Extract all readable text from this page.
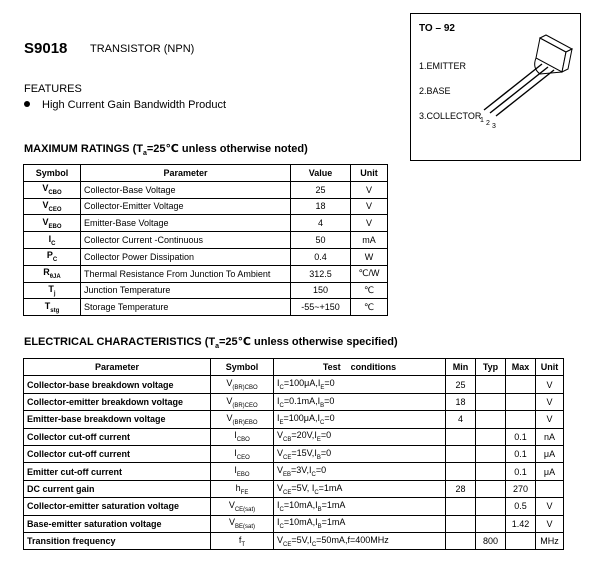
S9018 TRANSISTOR (NPN)
FEATURES
High Current Gain Bandwidth Product
TO – 92
1.EMITTER
2.BASE
3.COLLECTOR
1 2 3
MAXIMUM RATINGS ($T_a=25℃$ unless otherwise noted)
Symbol	Parameter	Value	Unit
$V_{CBO}$	Collector-Base Voltage	25	V
$V_{CEO}$	Collector-Emitter Voltage	18	V
$V_{EBO}$	Emitter-Base Voltage	4	V
$I_C$	Collector Current -Continuous	50	mA
$P_C$	Collector Power Dissipation	0.4	W
$R_{\theta JA}$	Thermal Resistance From Junction To Ambient	312.5	℃/W
$T_j$	Junction Temperature	150	℃
$T_{stg}$	Storage Temperature	-55~+150	℃
ELECTRICAL CHARACTERISTICS ($T_a=25℃$ unless otherwise specified)
Parameter	Symbol	Test    conditions	Min	Typ	Max	Unit
Collector-base breakdown voltage	$V_{(BR)CBO}$	$I_C=100\mu A,I_E=0$	25			V
Collector-emitter breakdown voltage	$V_{(BR)CEO}$	$I_C=0.1mA,I_B=0$	18			V
Emitter-base breakdown voltage	$V_{(BR)EBO}$	$I_E=100\mu A,I_C=0$	4			V
Collector cut-off current	$I_{CBO}$	$V_{CB}=20V,I_E=0$			0.1	nA
Collector cut-off current	$I_{CEO}$	$V_{CE}=15V,I_B=0$			0.1	μA
Emitter cut-off current	$I_{EBO}$	$V_{EB}=3V,I_C=0$			0.1	μA
DC current gain	$h_{FE}$	$V_{CE}=5V$, $I_C=1mA$	28		270	
Collector-emitter saturation voltage	$V_{CE(sat)}$	$I_C=10mA,I_B=1mA$			0.5	V
Base-emitter saturation voltage	$V_{BE(sat)}$	$I_C=10mA,I_B=1mA$			1.42	V
Transition frequency	$f_T$	$V_{CE}=5V,I_C=50mA,f=400MHz$		800		MHz
